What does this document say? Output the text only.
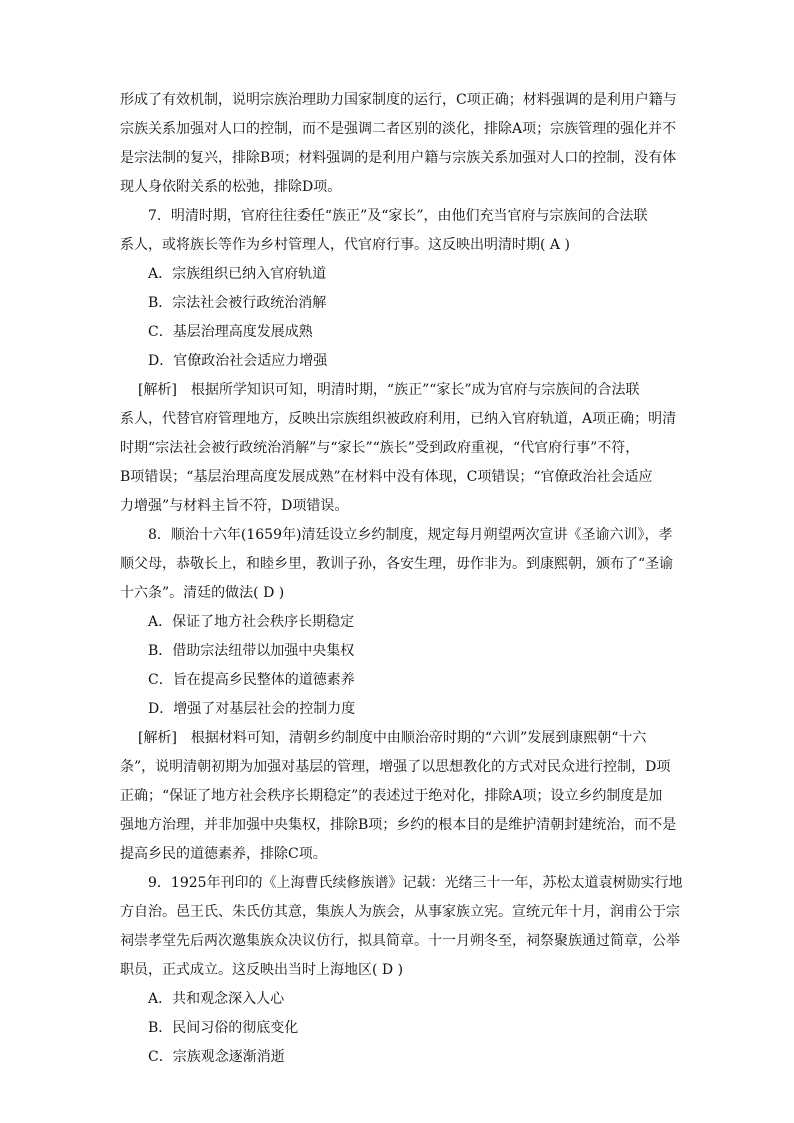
形成了有效机制，说明宗族治理助力国家制度的运行，C项正确；材料强调的是利用户籍与
宗族关系加强对人口的控制，而不是强调二者区别的淡化，排除A项；宗族管理的强化并不
是宗法制的复兴，排除B项；材料强调的是利用户籍与宗族关系加强对人口的控制，没有体
现人身依附关系的松弛，排除D项。
7．明清时期，官府往往委任“族正”及“家长”，由他们充当官府与宗族间的合法联
系人，或将族长等作为乡村管理人，代官府行事。这反映出明清时期( A )
A．宗族组织已纳入官府轨道
B．宗法社会被行政统治消解
C．基层治理高度发展成熟
D．官僚政治社会适应力增强
[解析]　根据所学知识可知，明清时期，“族正”“家长”成为官府与宗族间的合法联
系人，代替官府管理地方，反映出宗族组织被政府利用，已纳入官府轨道，A项正确；明清
时期“宗法社会被行政统治消解”与“家长”“族长”受到政府重视，“代官府行事”不符，
B项错误；“基层治理高度发展成熟”在材料中没有体现，C项错误；“官僚政治社会适应
力增强”与材料主旨不符，D项错误。
8．顺治十六年(1659年)清廷设立乡约制度，规定每月朔望两次宣讲《圣谕六训》，孝
顺父母，恭敬长上，和睦乡里，教训子孙，各安生理，毋作非为。到康熙朝，颁布了“圣谕
十六条”。清廷的做法( D )
A．保证了地方社会秩序长期稳定
B．借助宗法纽带以加强中央集权
C．旨在提高乡民整体的道德素养
D．增强了对基层社会的控制力度
[解析]　根据材料可知，清朝乡约制度中由顺治帝时期的“六训”发展到康熙朝“十六
条”，说明清朝初期为加强对基层的管理，增强了以思想教化的方式对民众进行控制，D项
正确；“保证了地方社会秩序长期稳定”的表述过于绝对化，排除A项；设立乡约制度是加
强地方治理，并非加强中央集权，排除B项；乡约的根本目的是维护清朝封建统治，而不是
提高乡民的道德素养，排除C项。
9．1925年刊印的《上海曹氏续修族谱》记载：光绪三十一年，苏松太道袁树勋实行地
方自治。邑王氏、朱氏仿其意，集族人为族会，从事家族立宪。宣统元年十月，润甫公于宗
祠崇孝堂先后两次邀集族众决议仿行，拟具简章。十一月朔冬至，祠祭聚族通过简章，公举
职员，正式成立。这反映出当时上海地区( D )
A．共和观念深入人心
B．民间习俗的彻底变化
C．宗族观念逐渐消逝
